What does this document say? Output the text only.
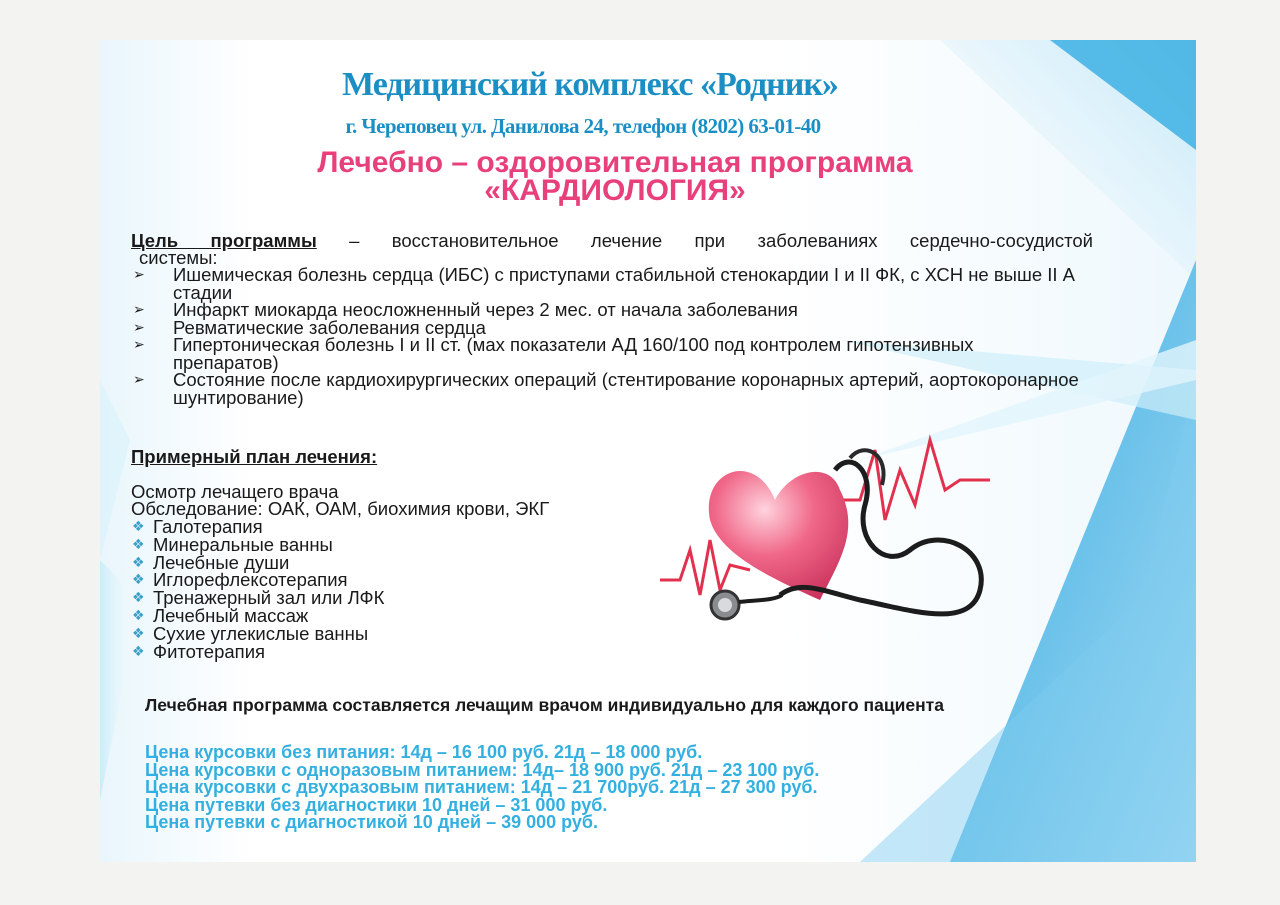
Медицинский комплекс «Родник»
г. Череповец ул. Данилова 24, телефон (8202) 63-01-40
Лечебно – оздоровительная программа
«КАРДИОЛОГИЯ»
Цель программы – восстановительное лечение при заболеваниях сердечно-сосудистой
системы:
➢ Ишемическая болезнь сердца (ИБС) с приступами стабильной стенокардии I и II ФК, с ХСН не выше II А стадии
➢ Инфаркт миокарда неосложненный через 2 мес. от начала заболевания
➢ Ревматические заболевания сердца
➢ Гипертоническая болезнь I и II ст. (мах показатели АД 160/100 под контролем гипотензивных препаратов)
➢ Состояние после кардиохирургических операций (стентирование коронарных артерий, аортокоронарное шунтирование)
Примерный план лечения:
Осмотр лечащего врача
Обследование: ОАК, ОАМ, биохимия крови, ЭКГ
❖ Галотерапия
❖ Минеральные ванны
❖ Лечебные души
❖ Иглорефлексотерапия
❖ Тренажерный зал или ЛФК
❖ Лечебный массаж
❖ Сухие углекислые ванны
❖ Фитотерапия
Лечебная программа составляется лечащим врачом индивидуально для каждого пациента
Цена курсовки без питания: 14д – 16 100 руб. 21д – 18 000 руб.
Цена курсовки с одноразовым питанием: 14д– 18 900 руб. 21д – 23 100 руб.
Цена курсовки с двухразовым питанием: 14д – 21 700руб. 21д – 27 300 руб.
Цена путевки без диагностики 10 дней – 31 000 руб.
Цена путевки с диагностикой 10 дней – 39 000 руб.
